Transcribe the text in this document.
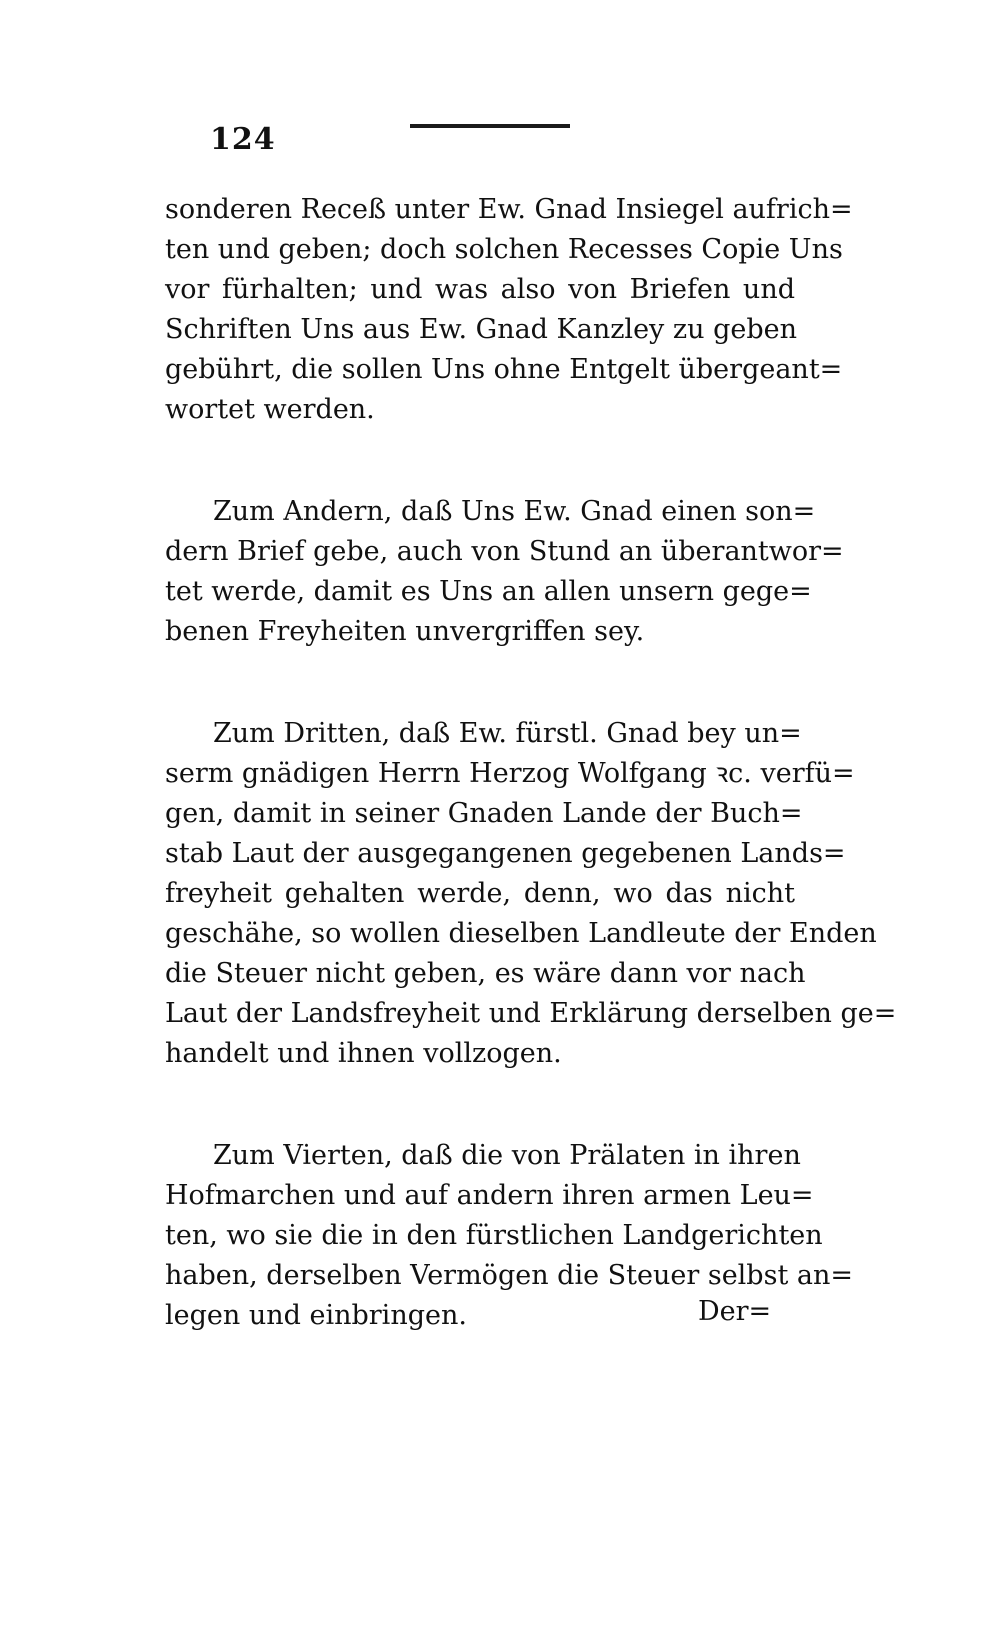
124
sonderen Receß unter Ew. Gnad Insiegel aufrich=
ten und geben; doch solchen Recesses Copie Uns
vor fürhalten; und was also von Briefen und
Schriften Uns aus Ew. Gnad Kanzley zu geben
gebührt, die sollen Uns ohne Entgelt übergeant=
wortet werden.
Zum Andern, daß Uns Ew. Gnad einen son=
dern Brief gebe, auch von Stund an überantwor=
tet werde, damit es Uns an allen unsern gege=
benen Freyheiten unvergriffen sey.
Zum Dritten, daß Ew. fürstl. Gnad bey un=
serm gnädigen Herrn Herzog Wolfgang ꝛc. verfü=
gen, damit in seiner Gnaden Lande der Buch=
stab Laut der ausgegangenen gegebenen Lands=
freyheit gehalten werde, denn, wo das nicht
geschähe, so wollen dieselben Landleute der Enden
die Steuer nicht geben, es wäre dann vor nach
Laut der Landsfreyheit und Erklärung derselben ge=
handelt und ihnen vollzogen.
Zum Vierten, daß die von Prälaten in ihren
Hofmarchen und auf andern ihren armen Leu=
ten, wo sie die in den fürstlichen Landgerichten
haben, derselben Vermögen die Steuer selbst an=
legen und einbringen.	Der=
